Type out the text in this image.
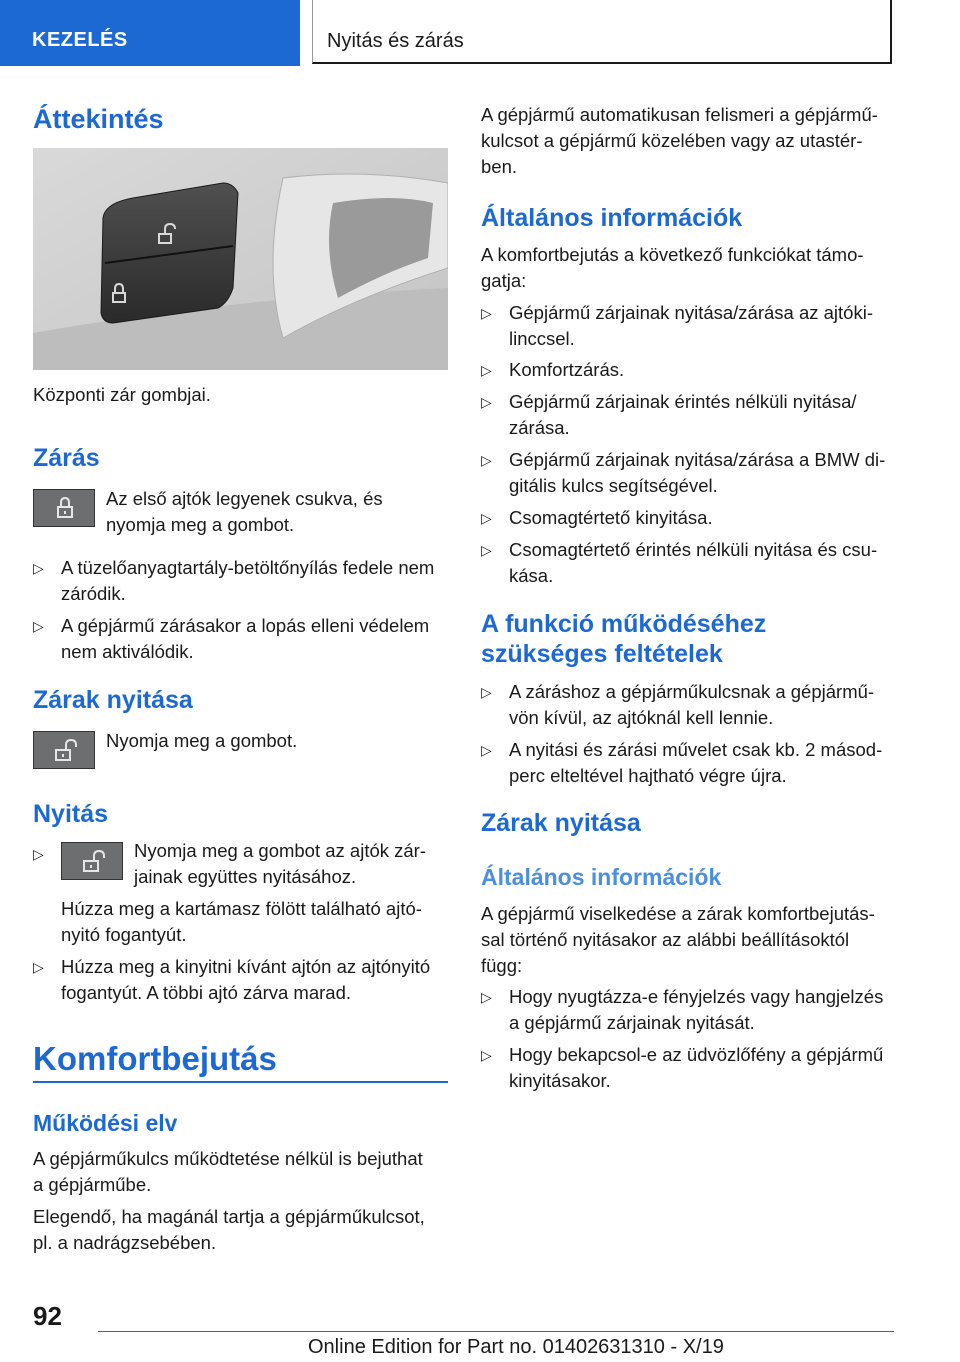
KEZELÉS	Nyitás és zárás
Áttekintés
Központi zár gombjai.
Zárás
Az első ajtók legyenek csukva, és
nyomja meg a gombot.
▷ A tüzelőanyagtartály-betöltőnyílás fedele nem
záródik.
▷ A gépjármű zárásakor a lopás elleni védelem
nem aktiválódik.
Zárak nyitása
Nyomja meg a gombot.
Nyitás
▷	Nyomja meg a gombot az ajtók zár-
jainak együttes nyitásához.
Húzza meg a kartámasz fölött található ajtó-
nyitó fogantyút.
▷ Húzza meg a kinyitni kívánt ajtón az ajtónyitó
fogantyút. A többi ajtó zárva marad.
Komfortbejutás
Működési elv
A gépjárműkulcs működtetése nélkül is bejuthat
a gépjárműbe.
Elegendő, ha magánál tartja a gépjárműkulcsot,
pl. a nadrágzsebében.
A gépjármű automatikusan felismeri a gépjármű-
kulcsot a gépjármű közelében vagy az utastér-
ben.
Általános információk
A komfortbejutás a következő funkciókat támo-
gatja:
▷ Gépjármű zárjainak nyitása/zárása az ajtóki-
linccsel.
▷ Komfortzárás.
▷ Gépjármű zárjainak érintés nélküli nyitása/
zárása.
▷ Gépjármű zárjainak nyitása/zárása a BMW di-
gitális kulcs segítségével.
▷ Csomagtértető kinyitása.
▷ Csomagtértető érintés nélküli nyitása és csu-
kása.
A funkció működéséhez
szükséges feltételek
▷ A záráshoz a gépjárműkulcsnak a gépjármű-
vön kívül, az ajtóknál kell lennie.
▷ A nyitási és zárási művelet csak kb. 2 másod-
perc elteltével hajtható végre újra.
Zárak nyitása
Általános információk
A gépjármű viselkedése a zárak komfortbejutás-
sal történő nyitásakor az alábbi beállításoktól
függ:
▷ Hogy nyugtázza-e fényjelzés vagy hangjelzés
a gépjármű zárjainak nyitását.
▷ Hogy bekapcsol-e az üdvözlőfény a gépjármű
kinyitásakor.
92
Online Edition for Part no. 01402631310 - X/19
